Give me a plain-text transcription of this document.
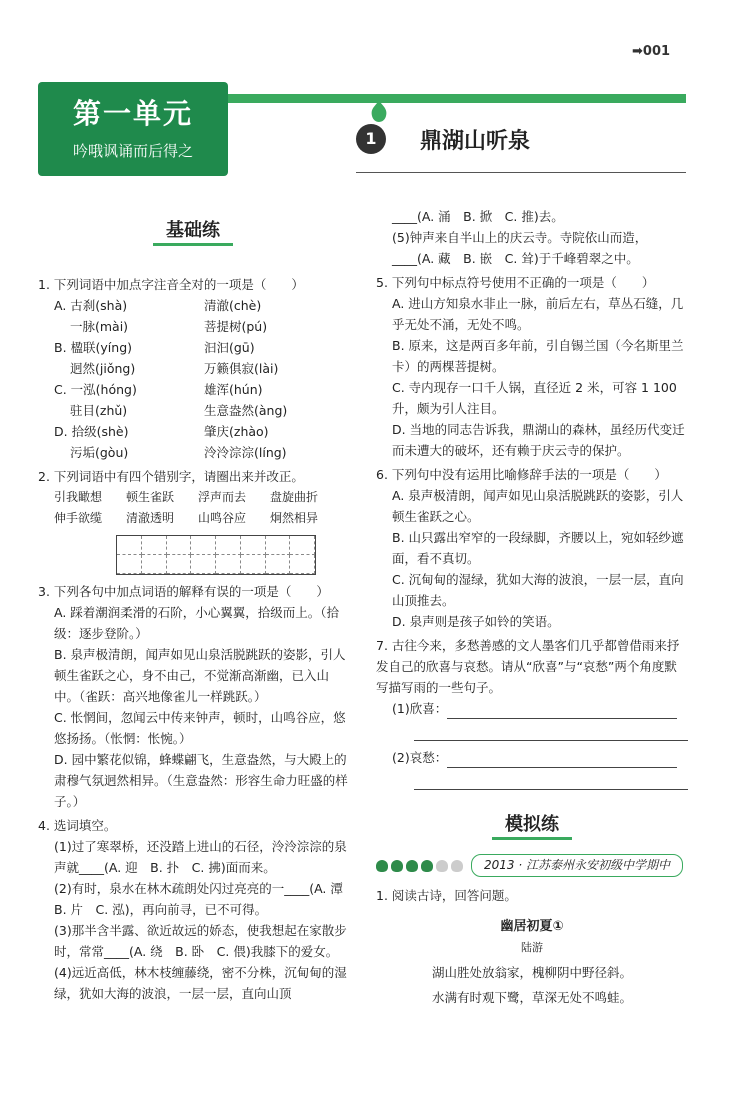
➡001
第一单元
吟哦讽诵而后得之
1	鼎湖山听泉
基础练
1. 下列词语中加点字注音全对的一项是（　　）
A. 古刹(shà)	清澈(chè)
一脉(mài)	菩提树(pú)
B. 楹联(yíng)	汩汩(gū)
迥然(jiǒng)	万籁俱寂(lài)
C. 一泓(hóng)	雄浑(hún)
驻目(zhǔ)	生意盎然(àng)
D. 拾级(shè)	肇庆(zhào)
污垢(gòu)	泠泠淙淙(líng)
2. 下列词语中有四个错别字，请圈出来并改正。
引我瞰想	顿生雀跃	浮声而去	盘旋曲折
伸手欲缆	清澈透明	山鸣谷应	炯然相异
3. 下列各句中加点词语的解释有误的一项是（　　）
A. 踩着潮润柔滑的石阶，小心翼翼，拾级而上。（拾级：逐步登阶。）
B. 泉声极清朗，闻声如见山泉活脱跳跃的姿影，引人顿生雀跃之心，身不由己，不觉渐高渐幽，已入山中。（雀跃：高兴地像雀儿一样跳跃。）
C. 怅惘间，忽闻云中传来钟声，顿时，山鸣谷应，悠悠扬扬。（怅惘：怅惋。）
D. 园中繁花似锦，蜂蝶翩飞，生意盎然，与大殿上的肃穆气氛迥然相异。（生意盎然：形容生命力旺盛的样子。）
4. 选词填空。
(1)过了寒翠桥，还没踏上进山的石径，泠泠淙淙的泉声就____(A. 迎　B. 扑　C. 拂)面而来。
(2)有时，泉水在林木疏朗处闪过亮亮的一____(A. 潭　B. 片　C. 泓)，再向前寻，已不可得。
(3)那半含半露、欲近故远的娇态，使我想起在家散步时，常常____(A. 绕　B. 卧　C. 偎)我膝下的爱女。
(4)远近高低，林木枝缠藤绕，密不分株，沉甸甸的湿绿，犹如大海的波浪，一层一层，直向山顶
____(A. 涌　B. 掀　C. 推)去。
(5)钟声来自半山上的庆云寺。寺院依山而造，____(A. 藏　B. 嵌　C. 耸)于千峰碧翠之中。
5. 下列句中标点符号使用不正确的一项是（　　）
A. 进山方知泉水非止一脉，前后左右，草丛石缝，几乎无处不涌，无处不鸣。
B. 原来，这是两百多年前，引自锡兰国（今名斯里兰卡）的两棵菩提树。
C. 寺内现存一口千人锅，直径近 2 米，可容 1 100 升，颇为引人注目。
D. 当地的同志告诉我，鼎湖山的森林，虽经历代变迁而未遭大的破坏，还有赖于庆云寺的保护。
6. 下列句中没有运用比喻修辞手法的一项是（　　）
A. 泉声极清朗，闻声如见山泉活脱跳跃的姿影，引人顿生雀跃之心。
B. 山只露出窄窄的一段绿脚，齐腰以上，宛如轻纱遮面，看不真切。
C. 沉甸甸的湿绿，犹如大海的波浪，一层一层，直向山顶推去。
D. 泉声则是孩子如铃的笑语。
7. 古往今来，多愁善感的文人墨客们几乎都曾借雨来抒发自己的欣喜与哀愁。请从“欣喜”与“哀愁”两个角度默写描写雨的一些句子。
(1)欣喜：
(2)哀愁：
模拟练
2013 · 江苏泰州永安初级中学期中
1. 阅读古诗，回答问题。
幽居初夏①
陆游
湖山胜处放翁家，槐柳阴中野径斜。
水满有时观下鹭，草深无处不鸣蛙。
